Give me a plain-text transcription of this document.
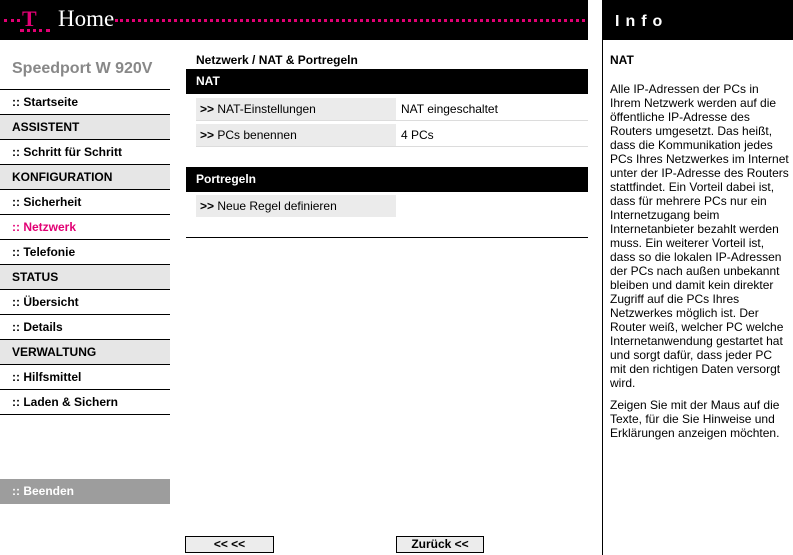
T Home
Speedport W 920V
:: Startseite
ASSISTENT
:: Schritt für Schritt
KONFIGURATION
:: Sicherheit
:: Netzwerk
:: Telefonie
STATUS
:: Übersicht
:: Details
VERWALTUNG
:: Hilfsmittel
:: Laden & Sichern
:: Beenden
Netzwerk / NAT & Portregeln
NAT
>> NAT-Einstellungen	NAT eingeschaltet
>> PCs benennen	4 PCs
Portregeln
>> Neue Regel definieren
<< <<	Zurück <<
Info
NAT

Alle IP-Adressen der PCs in Ihrem Netzwerk werden auf die öffentliche IP-Adresse des Routers umgesetzt. Das heißt, dass die Kommunikation jedes PCs Ihres Netzwerkes im Internet unter der IP-Adresse des Routers stattfindet. Ein Vorteil dabei ist, dass für mehrere PCs nur ein Internetzugang beim Internetanbieter bezahlt werden muss. Ein weiterer Vorteil ist, dass so die lokalen IP-Adressen der PCs nach außen unbekannt bleiben und damit kein direkter Zugriff auf die PCs Ihres Netzwerkes möglich ist. Der Router weiß, welcher PC welche Internetanwendung gestartet hat und sorgt dafür, dass jeder PC mit den richtigen Daten versorgt wird.

Zeigen Sie mit der Maus auf die Texte, für die Sie Hinweise und Erklärungen anzeigen möchten.
